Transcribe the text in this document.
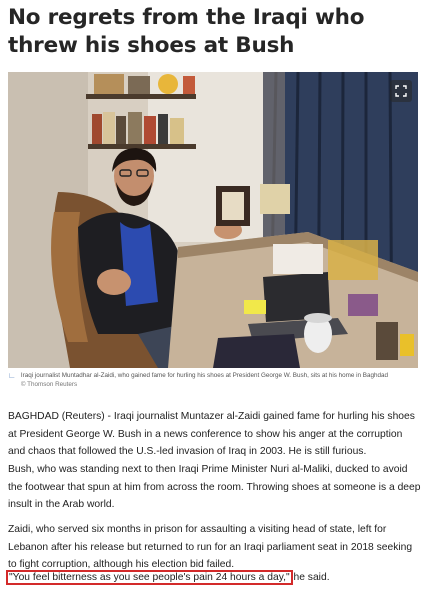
No regrets from the Iraqi who threw his shoes at Bush
∟ Iraqi journalist Muntadhar al-Zaidi, who gained fame for hurling his shoes at President George W. Bush, sits at his home in Baghdad
© Thomson Reuters

BAGHDAD (Reuters) - Iraqi journalist Muntazer al-Zaidi gained fame for hurling his shoes at President George W. Bush in a news conference to show his anger at the corruption and chaos that followed the U.S.-led invasion of Iraq in 2003. He is still furious.

Bush, who was standing next to then Iraqi Prime Minister Nuri al-Maliki, ducked to avoid the footwear that spun at him from across the room. Throwing shoes at someone is a deep insult in the Arab world.

Zaidi, who served six months in prison for assaulting a visiting head of state, left for Lebanon after his release but returned to run for an Iraqi parliament seat in 2018 seeking to fight corruption, although his election bid failed.

"You feel bitterness as you see people's pain 24 hours a day," he said.
